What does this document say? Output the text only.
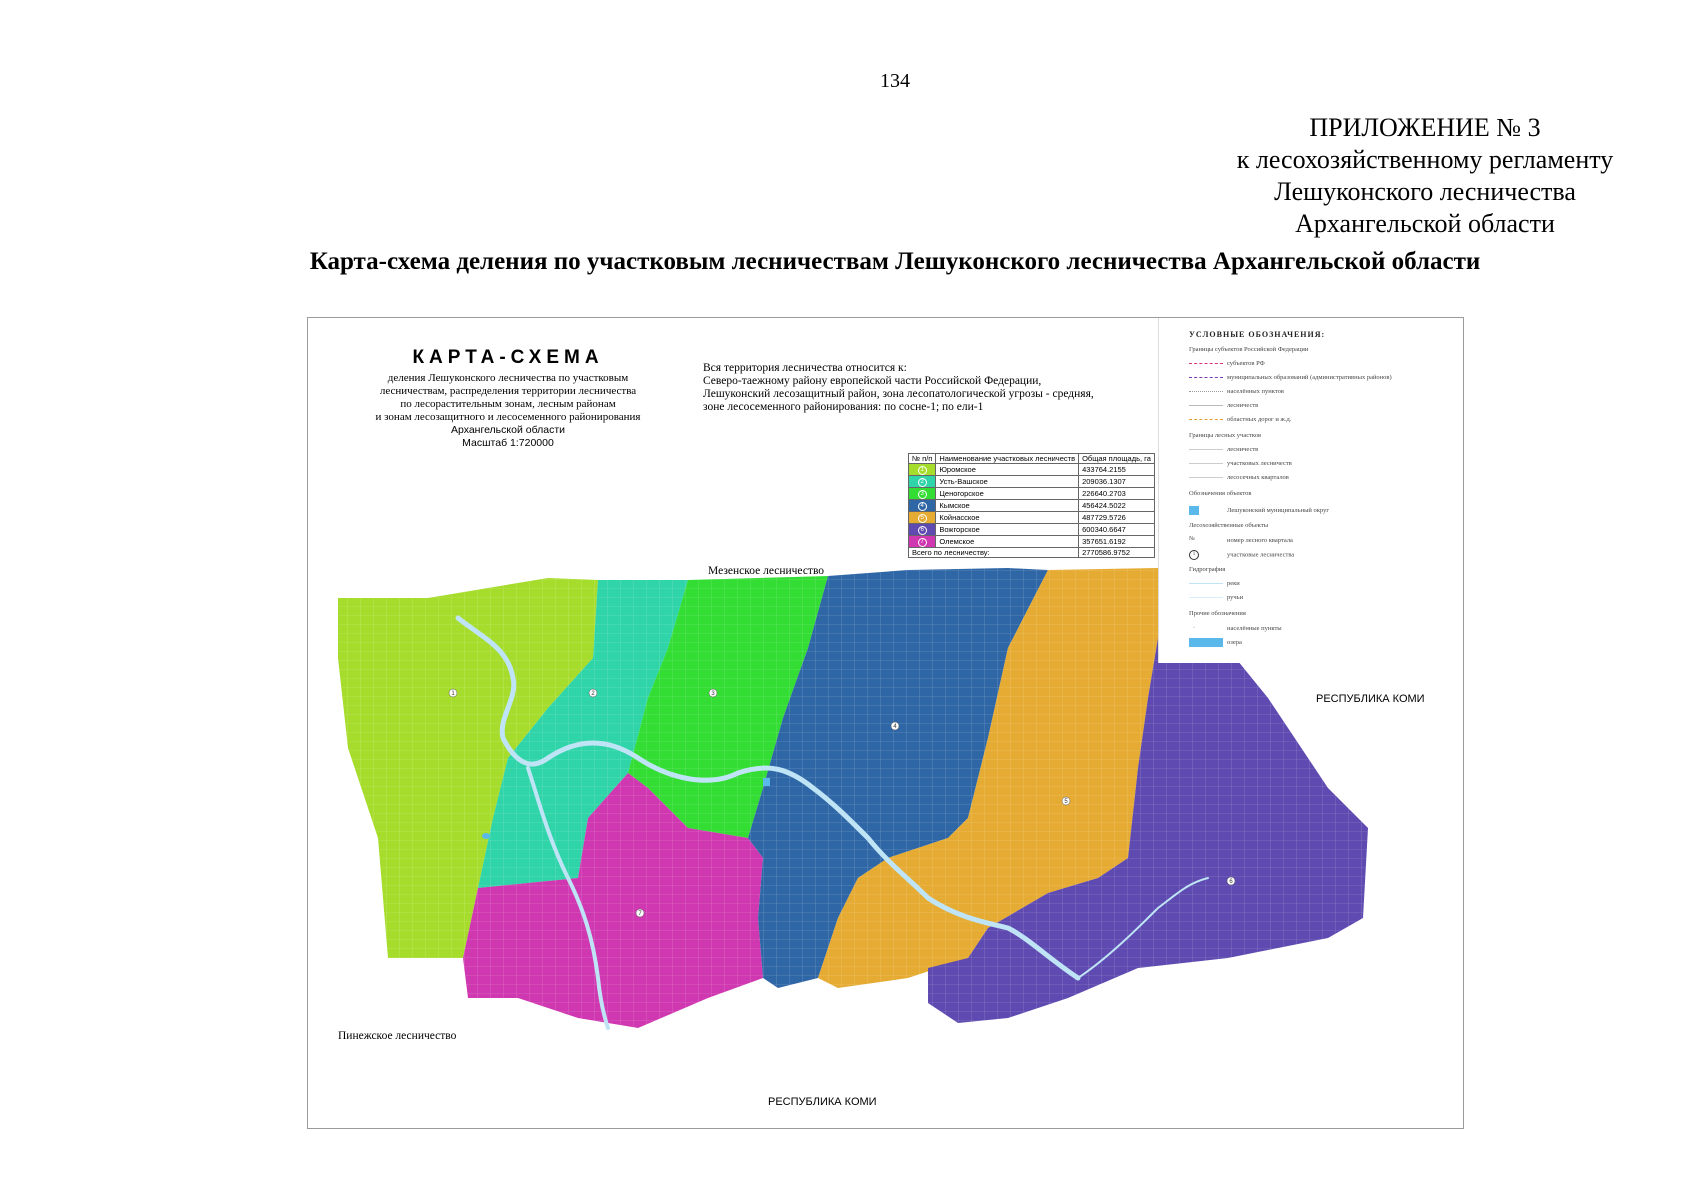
134
ПРИЛОЖЕНИЕ № 3
к лесохозяйственному регламенту
Лешуконского лесничества
Архангельской области
Карта-схема деления по участковым лесничествам Лешуконского лесничества Архангельской области
1	2	3
4
5
6
7
КАРТА-СХЕМА
деления Лешуконского лесничества по участковым
лесничествам, распределения территории лесничества
по лесорастительным зонам, лесным районам
и зонам лесозащитного и лесосеменного районирования
Архангельской области
Масштаб 1:720000
Вся территория лесничества относится к:
Северо-таежному району европейской части Российской Федерации,
Лешуконский лесозащитный район, зона лесопатологической угрозы - средняя,
зоне лесосеменного районирования: по сосне-1; по ели-1
№ п/п	Наименование участковых лесничеств	Общая площадь, га
1	Юромское	433764.2155
2	Усть-Вашское	209036.1307
3	Ценогорское	226640.2703
4	Кымское	456424.5022
5	Койнасское	487729.5726
6	Вожгорское	600340.6647
7	Олемское	357651.6192
Всего по лесничеству:		2770586.9752
УСЛОВНЫЕ ОБОЗНАЧЕНИЯ:
Границы субъектов Российской Федерации
субъектов РФ
муниципальных образований (административных районов)
населённых пунктов
лесничеств
областных дорог и ж.д.
Границы лесных участков
лесничеств
участковых лесничеств
лесосечных кварталов
Обозначения объектов
Лешуконский муниципальный округ
Лесохозяйственные объекты
№	номер лесного квартала
1	участковые лесничества
Гидрография
реки
ручьи
Прочие обозначения
·	населённые пункты
озера
Мезенское лесничество
РЕСПУБЛИКА КОМИ
РЕСПУБЛИКА КОМИ
Пинежское лесничество
